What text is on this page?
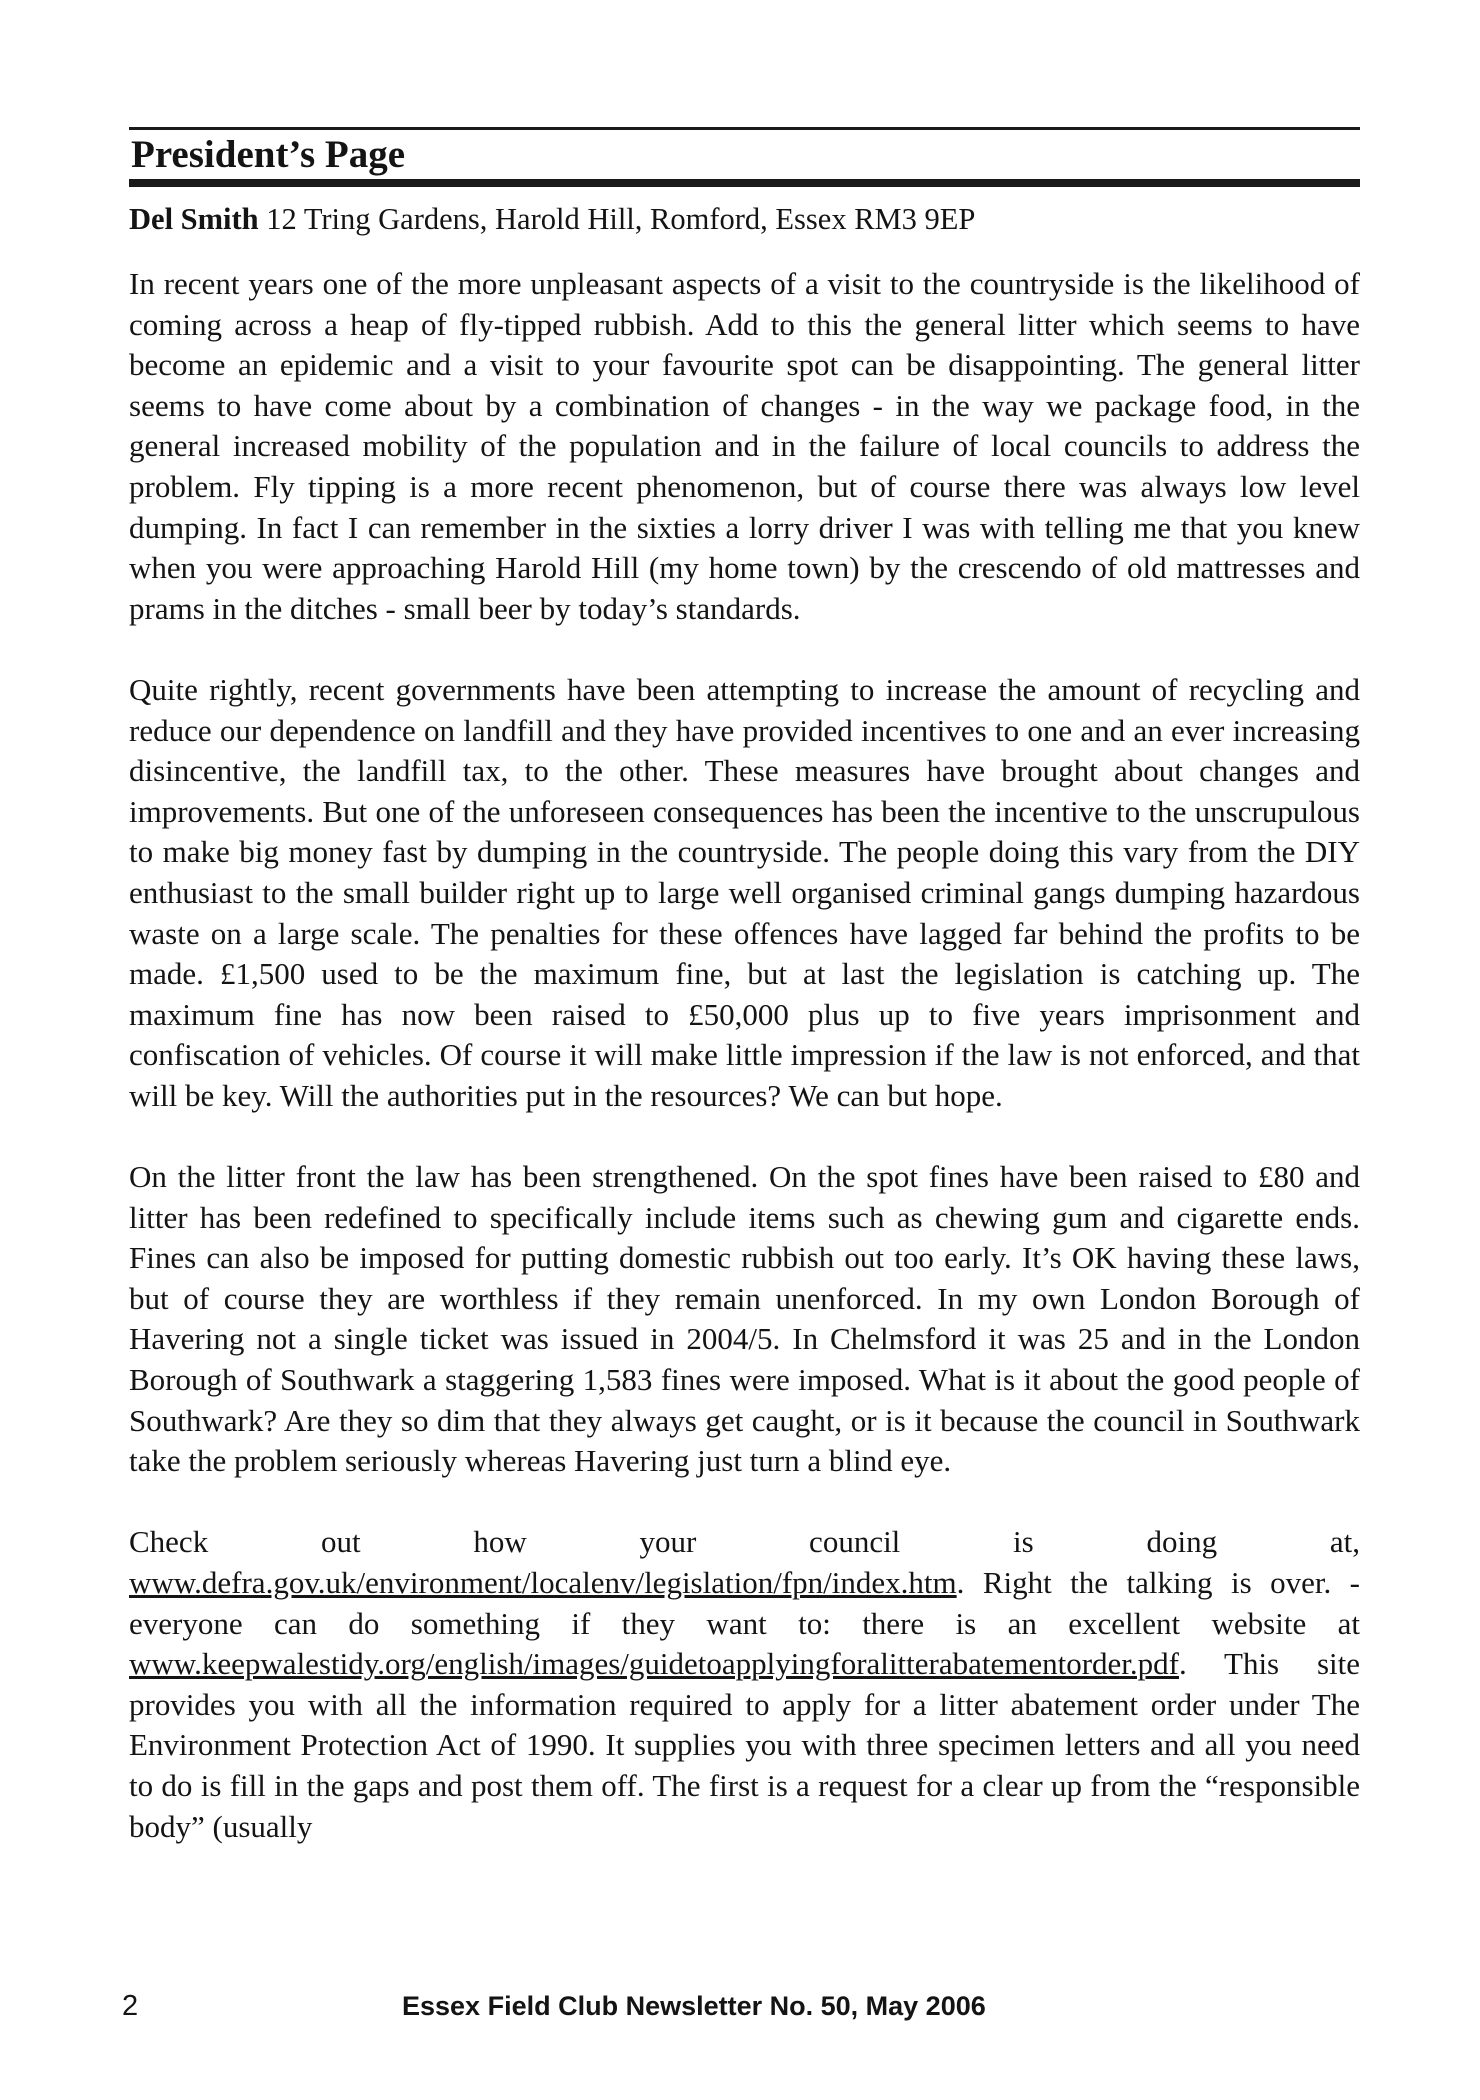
President’s Page
Del Smith 12 Tring Gardens, Harold Hill, Romford, Essex RM3 9EP

In recent years one of the more unpleasant aspects of a visit to the countryside is the likelihood of coming across a heap of fly-tipped rubbish. Add to this the general litter which seems to have become an epidemic and a visit to your favourite spot can be disappointing. The general litter seems to have come about by a combination of changes - in the way we package food, in the general increased mobility of the population and in the failure of local councils to address the problem. Fly tipping is a more recent phenomenon, but of course there was always low level dumping. In fact I can remember in the sixties a lorry driver I was with telling me that you knew when you were approaching Harold Hill (my home town) by the crescendo of old mattresses and prams in the ditches - small beer by today’s standards.

Quite rightly, recent governments have been attempting to increase the amount of recycling and reduce our dependence on landfill and they have provided incentives to one and an ever increasing disincentive, the landfill tax, to the other. These measures have brought about changes and improvements. But one of the unforeseen consequences has been the incentive to the unscrupulous to make big money fast by dumping in the countryside. The people doing this vary from the DIY enthusiast to the small builder right up to large well organised criminal gangs dumping hazardous waste on a large scale. The penalties for these offences have lagged far behind the profits to be made. £1,500 used to be the maximum fine, but at last the legislation is catching up. The maximum fine has now been raised to £50,000 plus up to five years imprisonment and confiscation of vehicles. Of course it will make little impression if the law is not enforced, and that will be key. Will the authorities put in the resources? We can but hope.

On the litter front the law has been strengthened. On the spot fines have been raised to £80 and litter has been redefined to specifically include items such as chewing gum and cigarette ends. Fines can also be imposed for putting domestic rubbish out too early. It’s OK having these laws, but of course they are worthless if they remain unenforced. In my own London Borough of Havering not a single ticket was issued in 2004/5. In Chelmsford it was 25 and in the London Borough of Southwark a staggering 1,583 fines were imposed. What is it about the good people of Southwark? Are they so dim that they always get caught, or is it because the council in Southwark take the problem seriously whereas Havering just turn a blind eye.

Check out how your council is doing at, www.defra.gov.uk/environment/localenv/legislation/fpn/index.htm. Right the talking is over. - everyone can do something if they want to: there is an excellent website at www.keepwalestidy.org/english/images/guidetoapplyingforalitterabatementorder.pdf. This site provides you with all the information required to apply for a litter abatement order under The Environment Protection Act of 1990. It supplies you with three specimen letters and all you need to do is fill in the gaps and post them off. The first is a request for a clear up from the “responsible body” (usually

2	Essex Field Club Newsletter No. 50, May 2006
